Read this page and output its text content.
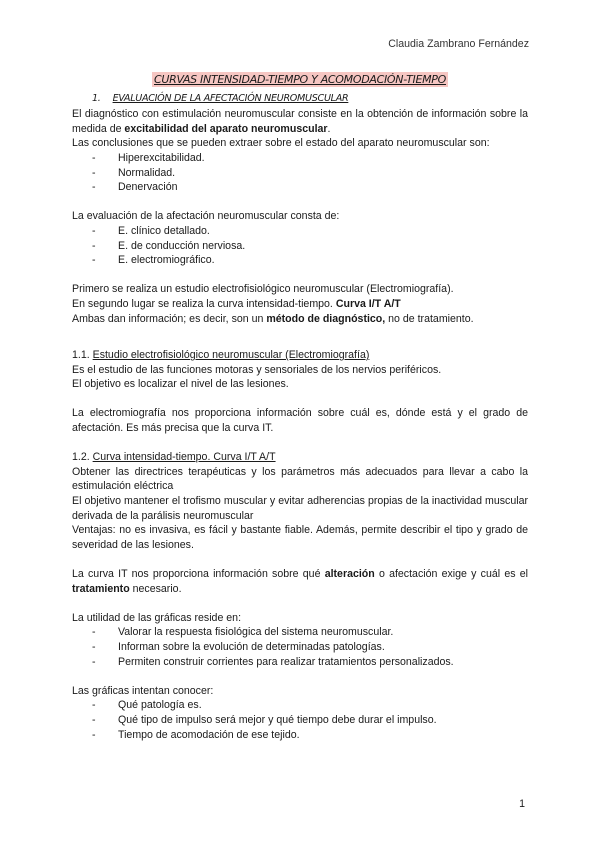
Claudia Zambrano Fernández
CURVAS INTENSIDAD-TIEMPO Y ACOMODACIÓN-TIEMPO
1. EVALUACIÓN DE LA AFECTACIÓN NEUROMUSCULAR

El diagnóstico con estimulación neuromuscular consiste en la obtención de información sobre la medida de excitabilidad del aparato neuromuscular.

Las conclusiones que se pueden extraer sobre el estado del aparato neuromuscular son:

- Hiperexcitabilidad.
- Normalidad.
- Denervación

La evaluación de la afectación neuromuscular consta de:

- E. clínico detallado.
- E. de conducción nerviosa.
- E. electromiográfico.

Primero se realiza un estudio electrofisiológico neuromuscular (Electromiografía).

En segundo lugar se realiza la curva intensidad-tiempo. Curva I/T A/T

Ambas dan información; es decir, son un método de diagnóstico, no de tratamiento.

1.1. Estudio electrofisiológico neuromuscular (Electromiografía)

Es el estudio de las funciones motoras y sensoriales de los nervios periféricos.

El objetivo es localizar el nivel de las lesiones.

La electromiografía nos proporciona información sobre cuál es, dónde está y el grado de afectación. Es más precisa que la curva IT.

1.2. Curva intensidad-tiempo. Curva I/T A/T

Obtener las directrices terapéuticas y los parámetros más adecuados para llevar a cabo la estimulación eléctrica

El objetivo mantener el trofismo muscular y evitar adherencias propias de la inactividad muscular derivada de la parálisis neuromuscular

Ventajas: no es invasiva, es fácil y bastante fiable. Además, permite describir el tipo y grado de severidad de las lesiones.

La curva IT nos proporciona información sobre qué alteración o afectación exige y cuál es el tratamiento necesario.

La utilidad de las gráficas reside en:

- Valorar la respuesta fisiológica del sistema neuromuscular.
- Informan sobre la evolución de determinadas patologías.
- Permiten construir corrientes para realizar tratamientos personalizados.

Las gráficas intentan conocer:

- Qué patología es.
- Qué tipo de impulso será mejor y qué tiempo debe durar el impulso.
- Tiempo de acomodación de ese tejido.
1
